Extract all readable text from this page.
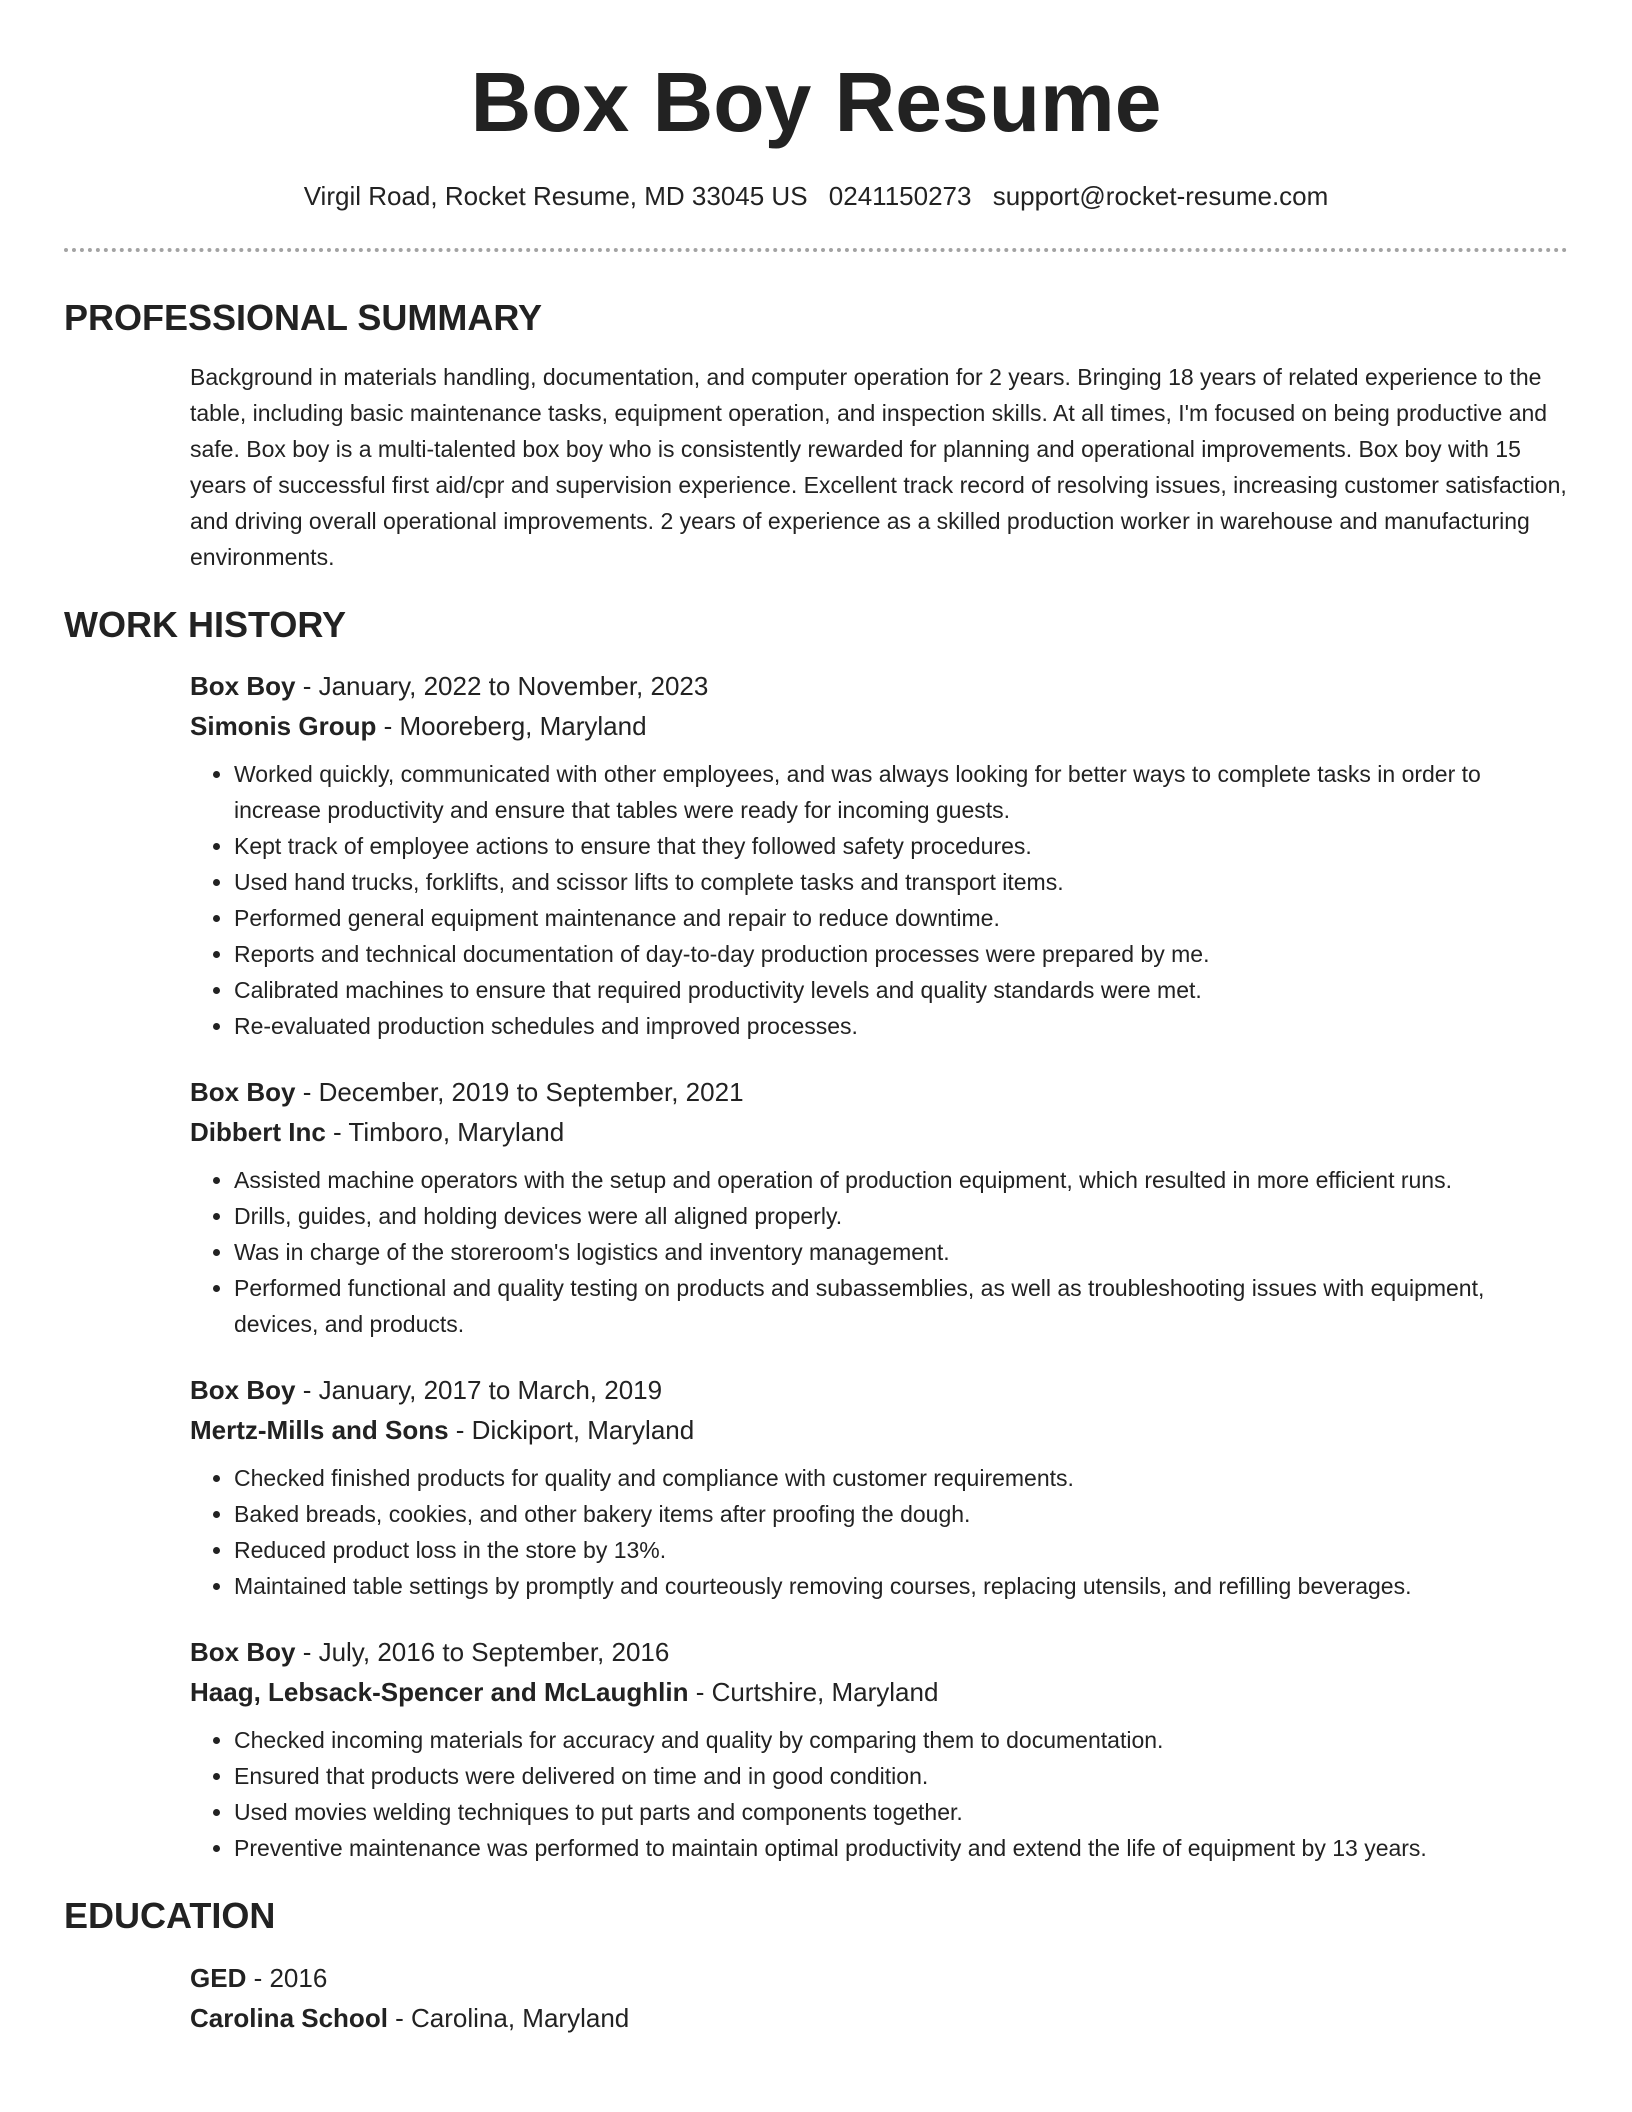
Box Boy Resume
Virgil Road, Rocket Resume, MD 33045 US 0241150273 support@rocket-resume.com
PROFESSIONAL SUMMARY

Background in materials handling, documentation, and computer operation for 2 years. Bringing 18 years of related experience to the table, including basic maintenance tasks, equipment operation, and inspection skills. At all times, I'm focused on being productive and safe. Box boy is a multi-talented box boy who is consistently rewarded for planning and operational improvements. Box boy with 15 years of successful first aid/cpr and supervision experience. Excellent track record of resolving issues, increasing customer satisfaction, and driving overall operational improvements. 2 years of experience as a skilled production worker in warehouse and manufacturing environments.

WORK HISTORY
Box Boy - January, 2022 to November, 2023
Simonis Group - Mooreberg, Maryland
• Worked quickly, communicated with other employees, and was always looking for better ways to complete tasks in order to increase productivity and ensure that tables were ready for incoming guests.
• Kept track of employee actions to ensure that they followed safety procedures.
• Used hand trucks, forklifts, and scissor lifts to complete tasks and transport items.
• Performed general equipment maintenance and repair to reduce downtime.
• Reports and technical documentation of day-to-day production processes were prepared by me.
• Calibrated machines to ensure that required productivity levels and quality standards were met.
• Re-evaluated production schedules and improved processes.
Box Boy - December, 2019 to September, 2021
Dibbert Inc - Timboro, Maryland
• Assisted machine operators with the setup and operation of production equipment, which resulted in more efficient runs.
• Drills, guides, and holding devices were all aligned properly.
• Was in charge of the storeroom's logistics and inventory management.
• Performed functional and quality testing on products and subassemblies, as well as troubleshooting issues with equipment, devices, and products.
Box Boy - January, 2017 to March, 2019
Mertz-Mills and Sons - Dickiport, Maryland
• Checked finished products for quality and compliance with customer requirements.
• Baked breads, cookies, and other bakery items after proofing the dough.
• Reduced product loss in the store by 13%.
• Maintained table settings by promptly and courteously removing courses, replacing utensils, and refilling beverages.
Box Boy - July, 2016 to September, 2016
Haag, Lebsack-Spencer and McLaughlin - Curtshire, Maryland
• Checked incoming materials for accuracy and quality by comparing them to documentation.
• Ensured that products were delivered on time and in good condition.
• Used movies welding techniques to put parts and components together.
• Preventive maintenance was performed to maintain optimal productivity and extend the life of equipment by 13 years.
EDUCATION
GED - 2016
Carolina School - Carolina, Maryland
